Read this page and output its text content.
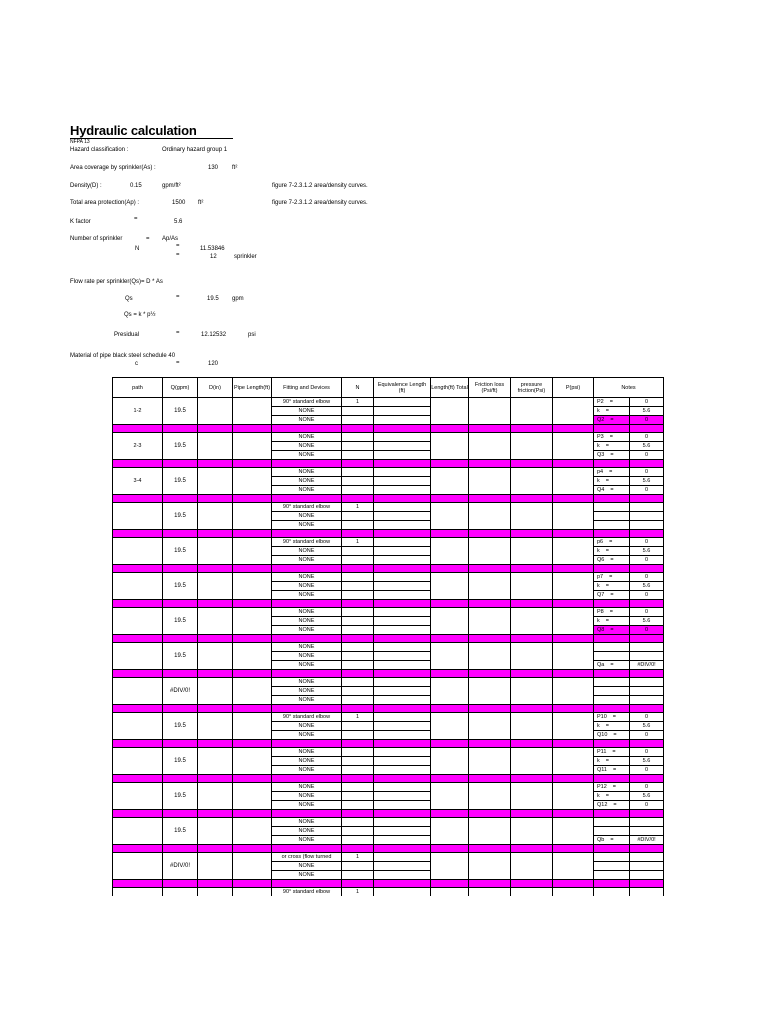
Hydraulic calculation
NFPA 13
Hazard classification :	Ordinary hazard group 1
Area coverage by sprinkler(As) :	130 ft²
Density(D) :	0.15	gpm/ft²	figure 7-2.3.1.2 area/density curves.
Total area protection(Ap) :	1500 ft²	figure 7-2.3.1.2 area/density curves.
K factor	=	5.6
Number of sprinkler	= Ap/As
N	=	11.53846
=	12	sprinkler
Flow rate per sprinkler(Qs)= D * As
Qs	=	19.5 gpm
Qs = k * p½
Presidual	=	12.12532	psi
Material of pipe black steel schedule 40
c	=	120
path	Q(gpm)	D(in)	Pipe Length(ft)	Fitting and Devices	N	Equivalence Length (ft)	Length(ft) Total	Friction loss (Psi/ft)	pressure friction(Psi)	P(psi)	Notes	
1-2	19.5			90° standard elbow	1						P2 =	0
				NONE							k =	5.6
				NONE							Q2 =	0

2-3	19.5			NONE							P3 =	0
				NONE							k =	5.6
				NONE							Q3 =	0

3-4	19.5			NONE							p4 =	0
				NONE							k =	5.6
				NONE							Q4 =	0

	19.5			90° standard elbow	1							
				NONE								
				NONE								

	19.5			90° standard elbow	1						p6 =	0
				NONE							k =	5.6
				NONE							Q6 =	0

	19.5			NONE							p7 =	0
				NONE							k =	5.6
				NONE							Q7 =	0

	19.5			NONE							P8 =	0
				NONE							k =	5.6
				NONE							Q8 =	0

	19.5			NONE								
				NONE								
				NONE							Qa =	#DIV/0!

	#DIV/0!			NONE								
				NONE								
				NONE								

	19.5			90° standard elbow	1						P10 =	0
				NONE							k =	5.6
				NONE							Q10 =	0

	19.5			NONE							P11 =	0
				NONE							k =	5.6
				NONE							Q11 =	0

	19.5			NONE							P12 =	0
				NONE							k =	5.6
				NONE							Q12 =	0

	19.5			NONE								
				NONE								
				NONE							Qb =	#DIV/0!

	#DIV/0!			or cross (flow turned	1							
				NONE								
				NONE								

				90° standard elbow	1							
